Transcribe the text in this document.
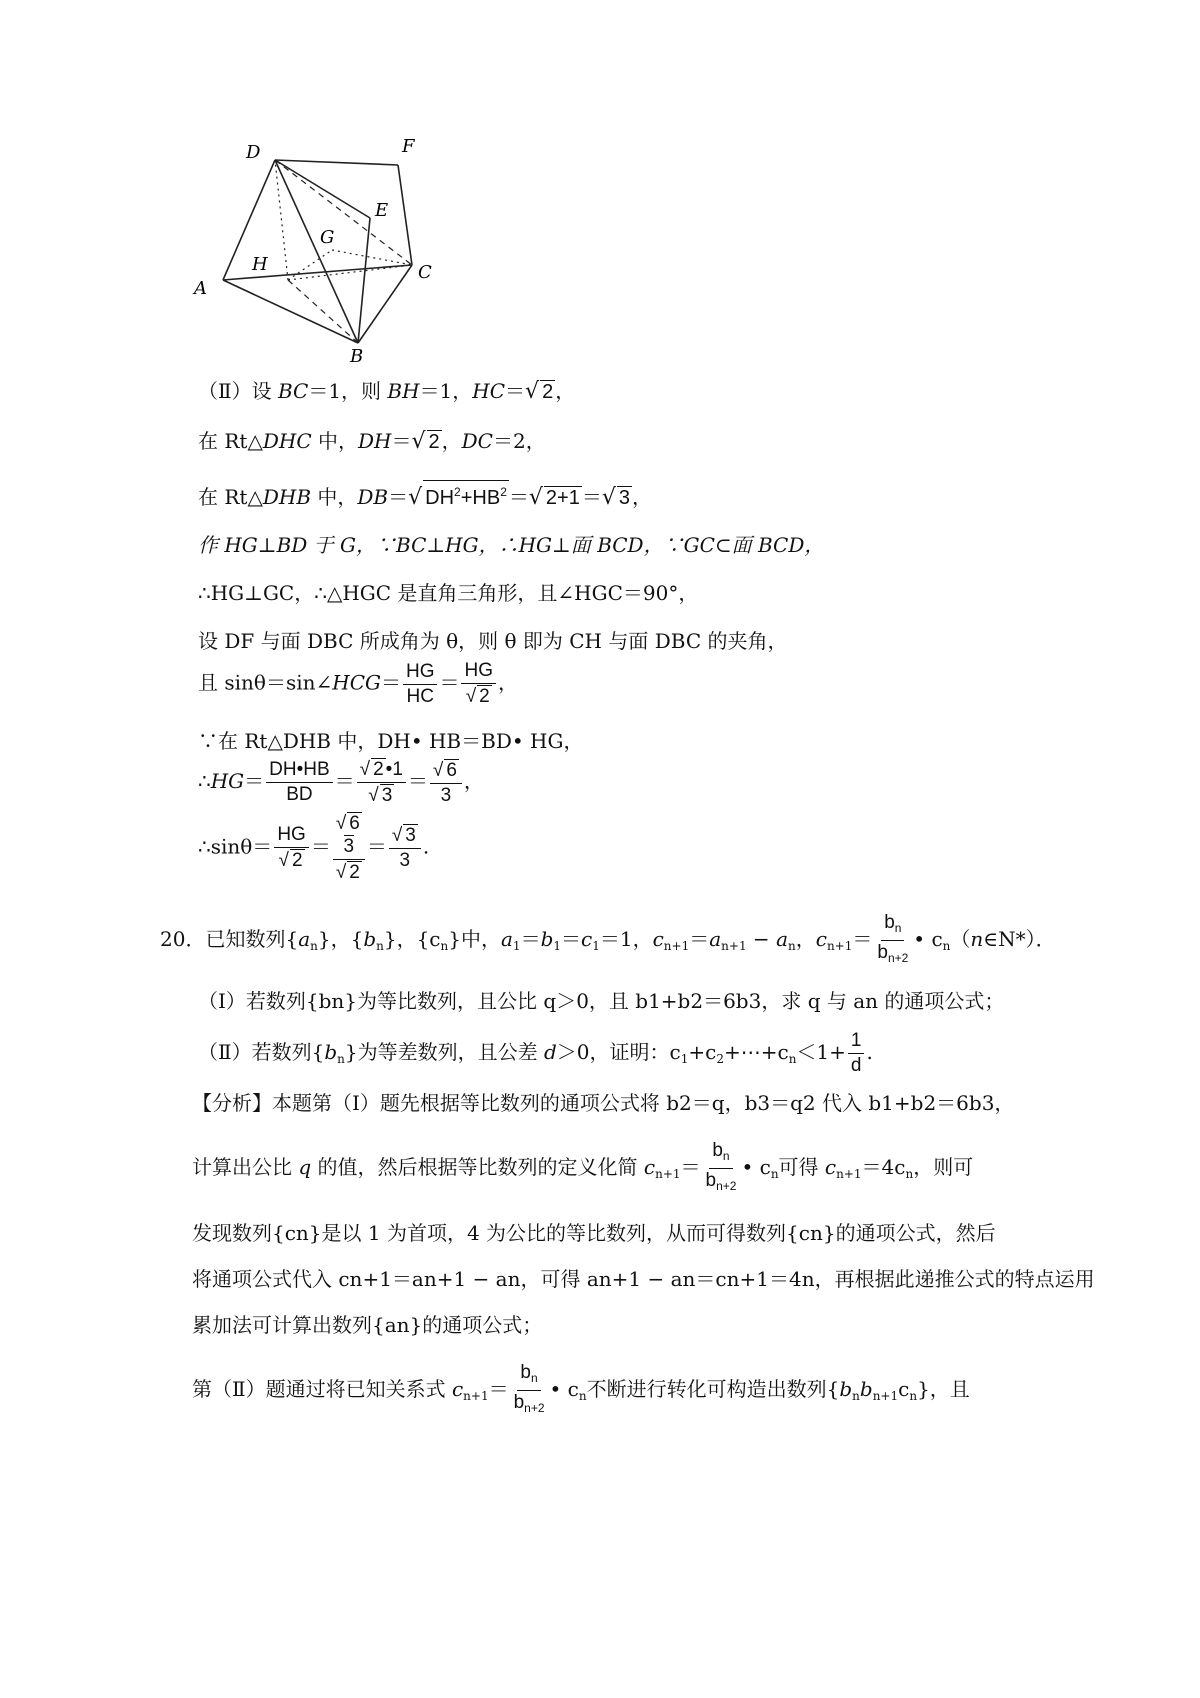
D	F
E
G
H
A
C
B
（Ⅱ）设 BC＝1，则 BH＝1，HC＝√ 2 ，
在 Rt△DHC 中，DH＝√ 2 ，DC＝2，
在 Rt△DHB 中，DB＝√ $DH^2+HB^2$ ＝√ 2+1 ＝√ 3 ，
作 HG⊥BD 于 G，∵BC⊥HG，∴HG⊥面 BCD，∵GC⊂面 BCD，
∴HG⊥GC，∴△HGC 是直角三角形，且∠HGC＝90°，
设 DF 与面 DBC 所成角为 θ，则 θ 即为 CH 与面 DBC 的夹角，
且 sinθ＝sin∠HCG＝ $\frac{HG}{HC} = \frac{HG}{√ 2}$ ，
∵在 Rt△DHB 中，DH• HB＝BD• HG，
∴HG＝ $\frac{DH•HB}{BD} = \frac{√ 2 •1}{√ 3} = \frac{√ 6}{3}$ ，
∴sinθ＝ $\frac{HG}{√ 2}$ ＝ √ 6
3
√ $2 = \frac{√ 3}{3}$ .
20．已知数列$\{a_n\}$，$\{b_n\}$，$\{c_n\}$中，$a_1=b_1=c_1=1$，$c_{n+1}=a_{n+1} - a_n$，$c_{n+1}= \frac{b_n}{b_{n+2}}$ • $c_n(n\in N*)$．
（Ⅰ）若数列{bn}为等比数列，且公比 q＞0，且 b1+b2＝6b3，求 q 与 an 的通项公式；
（Ⅱ）若数列$\{b_n\}$为等差数列，且公差 d＞0，证明：$c_1+c_2+\cdots+c_n<1+ \frac{1}{d}$ .
【分析】本题第（Ⅰ）题先根据等比数列的通项公式将 b2＝q，b3＝q2 代入 b1+b2＝6b3，
计算出公比 q 的值，然后根据等比数列的定义化简 $c_{n+1}= \frac{b_n}{b_{n+2}}$ • $c_n$可得 $c_{n+1}=4c_n$，则可
发现数列{cn}是以 1 为首项，4 为公比的等比数列，从而可得数列{cn}的通项公式，然后
将通项公式代入 cn+1＝an+1 − an，可得 an+1 − an＝cn+1＝4n，再根据此递推公式的特点运用
累加法可计算出数列{an}的通项公式；
第（Ⅱ）题通过将已知关系式 $c_{n+1}= \frac{b_n}{b_{n+2}}$ • $c_n$不断进行转化可构造出数列$\{b_nb_{n+1}c_n\}$，且
